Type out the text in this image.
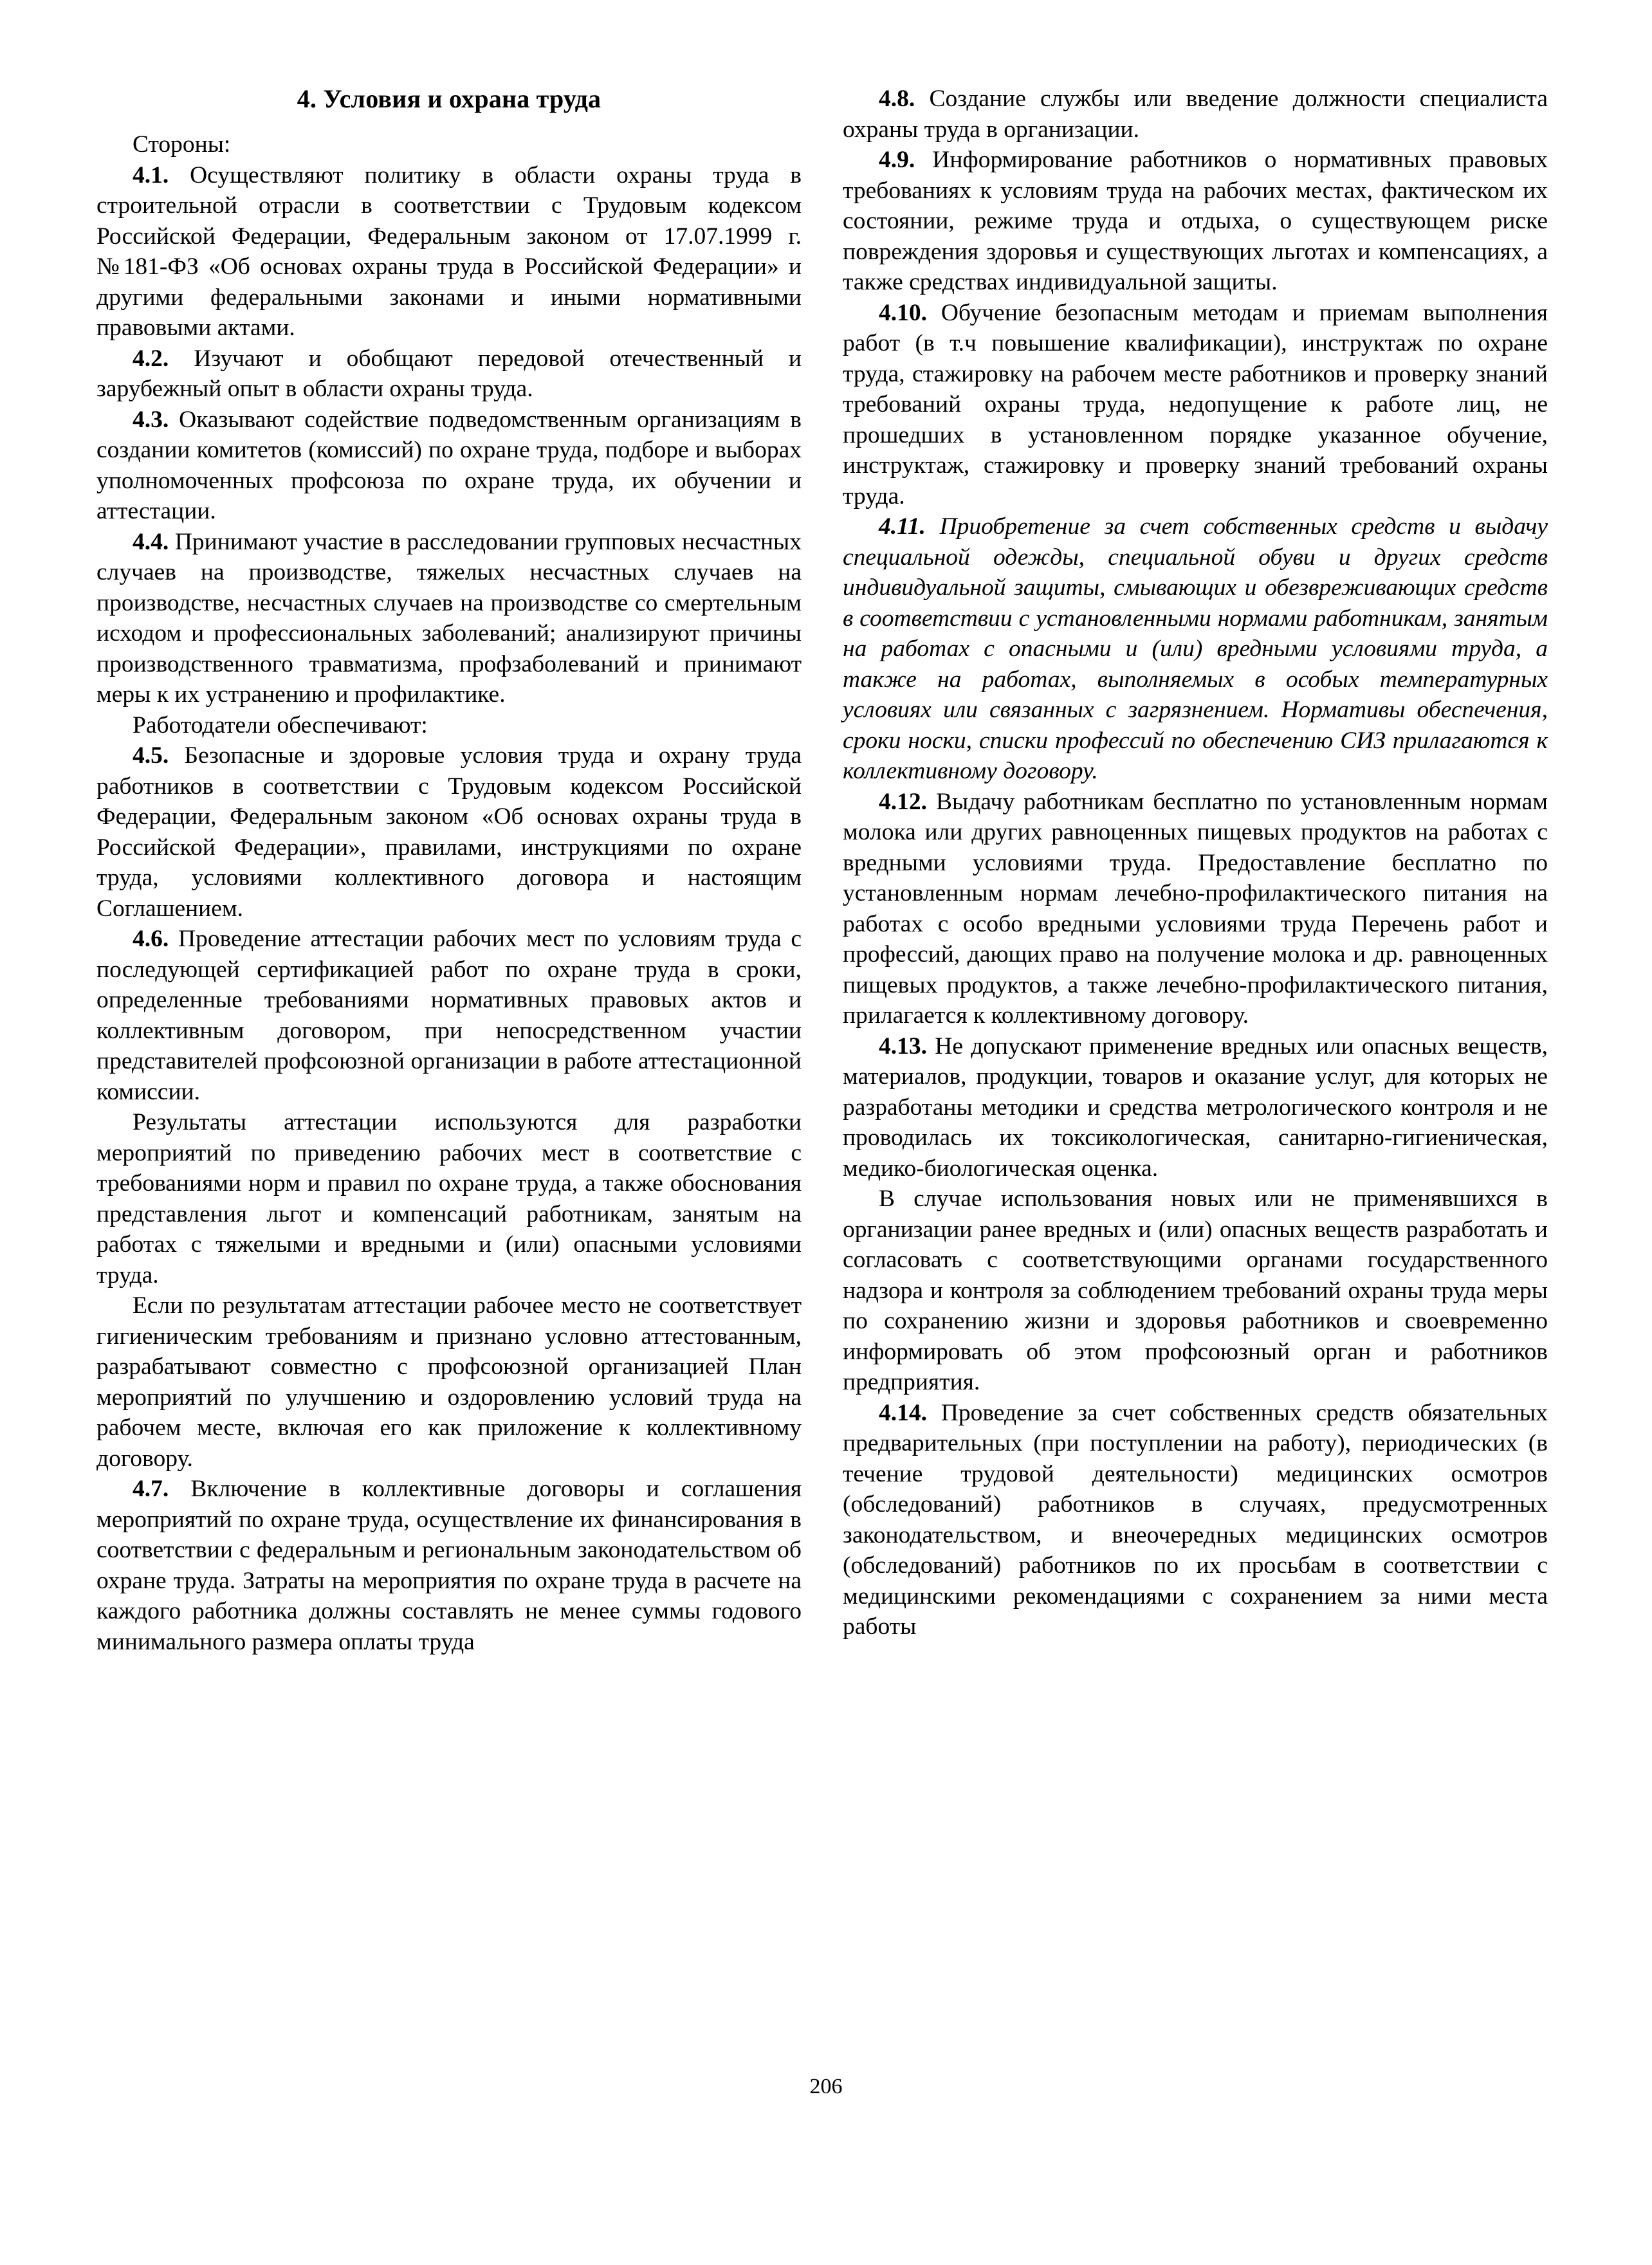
4. Условия и охрана труда

Стороны:

4.1. Осуществляют политику в области охраны труда в строительной отрасли в соответствии с Трудовым кодексом Российской Федерации, Федеральным законом от 17.07.1999 г. №181-ФЗ «Об основах охраны труда в Российской Федерации» и другими федеральными законами и иными нормативными правовыми актами.

4.2. Изучают и обобщают передовой отечественный и зарубежный опыт в области охраны труда.

4.3. Оказывают содействие подведомственным организациям в создании комитетов (комиссий) по охране труда, подборе и выборах уполномоченных профсоюза по охране труда, их обучении и аттестации.

4.4. Принимают участие в расследовании групповых несчастных случаев на производстве, тяжелых несчастных случаев на производстве, несчастных случаев на производстве со смертельным исходом и профессиональных заболеваний; анализируют причины производственного травматизма, профзаболеваний и принимают меры к их устранению и профилактике.

Работодатели обеспечивают:

4.5. Безопасные и здоровые условия труда и охрану труда работников в соответствии с Трудовым кодексом Российской Федерации, Федеральным законом «Об основах охраны труда в Российской Федерации», правилами, инструкциями по охране труда, условиями коллективного договора и настоящим Соглашением.

4.6. Проведение аттестации рабочих мест по условиям труда с последующей сертификацией работ по охране труда в сроки, определенные требованиями нормативных правовых актов и коллективным договором, при непосредственном участии представителей профсоюзной организации в работе аттестационной комиссии.

Результаты аттестации используются для разработки мероприятий по приведению рабочих мест в соответствие с требованиями норм и правил по охране труда, а также обоснования представления льгот и компенсаций работникам, занятым на работах с тяжелыми и вредными и (или) опасными условиями труда.

Если по результатам аттестации рабочее место не соответствует гигиеническим требованиям и признано условно аттестованным, разрабатывают совместно с профсоюзной организацией План мероприятий по улучшению и оздоровлению условий труда на рабочем месте, включая его как приложение к коллективному договору.

4.7. Включение в коллективные договоры и соглашения мероприятий по охране труда, осуществление их финансирования в соответствии с федеральным и региональным законодательством об охране труда. Затраты на мероприятия по охране труда в расчете на каждого работника должны составлять не менее суммы годового минимального размера оплаты труда

4.8. Создание службы или введение должности специалиста охраны труда в организации.

4.9. Информирование работников о нормативных правовых требованиях к условиям труда на рабочих местах, фактическом их состоянии, режиме труда и отдыха, о существующем риске повреждения здоровья и существующих льготах и компенсациях, а также средствах индивидуальной защиты.

4.10. Обучение безопасным методам и приемам выполнения работ (в т.ч повышение квалификации), инструктаж по охране труда, стажировку на рабочем месте работников и проверку знаний требований охраны труда, недопущение к работе лиц, не прошедших в установленном порядке указанное обучение, инструктаж, стажировку и проверку знаний требований охраны труда.

4.11. Приобретение за счет собственных средств и выдачу специальной одежды, специальной обуви и других средств индивидуальной защиты, смывающих и обезвреживающих средств в соответствии с установленными нормами работникам, занятым на работах с опасными и (или) вредными условиями труда, а также на работах, выполняемых в особых температурных условиях или связанных с загрязнением. Нормативы обеспечения, сроки носки, списки профессий по обеспечению СИЗ прилагаются к коллективному договору.

4.12. Выдачу работникам бесплатно по установленным нормам молока или других равноценных пищевых продуктов на работах с вредными условиями труда. Предоставление бесплатно по установленным нормам лечебно-профилактического питания на работах с особо вредными условиями труда Перечень работ и профессий, дающих право на получение молока и др. равноценных пищевых продуктов, а также лечебно-профилактического питания, прилагается к коллективному договору.

4.13. Не допускают применение вредных или опасных веществ, материалов, продукции, товаров и оказание услуг, для которых не разработаны методики и средства метрологического контроля и не проводилась их токсикологическая, санитарно-гигиеническая, медико-биологическая оценка.

В случае использования новых или не применявшихся в организации ранее вредных и (или) опасных веществ разработать и согласовать с соответствующими органами государственного надзора и контроля за соблюдением требований охраны труда меры по сохранению жизни и здоровья работников и своевременно информировать об этом профсоюзный орган и работников предприятия.

4.14. Проведение за счет собственных средств обязательных предварительных (при поступлении на работу), периодических (в течение трудовой деятельности) медицинских осмотров (обследований) работников в случаях, предусмотренных законодательством, и внеочередных медицинских осмотров (обследований) работников по их просьбам в соответствии с медицинскими рекомендациями с сохранением за ними места работы

206
